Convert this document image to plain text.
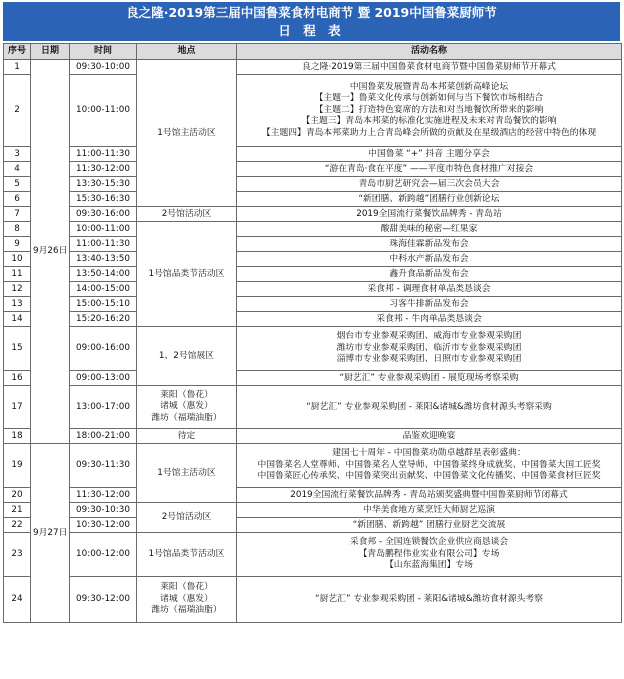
良之隆·2019第三届中国鲁菜食材电商节 暨 2019中国鲁菜厨师节
日 程 表
序号	日期	时间	地点	活动名称
1	9月26日	09:30-10:00	1号馆主活动区	良之隆·2019第三届中国鲁菜食材电商节暨中国鲁菜厨师节开幕式
2		10:00-11:00		中国鲁菜发展暨青岛本邦菜创新高峰论坛
【主题一】鲁菜文化传承与创新如何与当下餐饮市场相结合
【主题二】打造特色宴席的方法和对当地餐饮所带来的影响
【主题三】青岛本邦菜的标准化实施进程及未来对青岛餐饮的影响
【主题四】青岛本邦菜助力上合青岛峰会所做的贡献及在星级酒店的经营中特色的体现

3		11:00-11:30		中国鲁菜 “+” 抖音 主题分享会
4		11:30-12:00		“游在青岛·食在平度” ——平度市特色食材推广对接会
5		13:30-15:30		青岛市厨艺研究会—届三次会员大会
6		15:30-16:30		“新团膳、新跨越”团膳行业创新论坛
7		09:30-16:00	2号馆活动区	2019全国流行菜餐饮品牌秀 - 青岛站
8		10:00-11:00	1号馆品类节活动区	酸甜美味的秘密—红果家
9		11:00-11:30		珠海佳霖新品发布会
10		13:40-13:50		中科水产新品发布会
11		13:50-14:00		鑫升食品新品发布会
12		14:00-15:00		采食邦 - 调理食材单品类恳谈会
13		15:00-15:10		习客牛排新品发布会
14		15:20-16:20		采食邦 - 牛肉单品类恳谈会
15		09:00-16:00	1、2号馆展区	烟台市专业参观采购团、威海市专业参观采购团
潍坊市专业参观采购团、临沂市专业参观采购团
淄博市专业参观采购团、日照市专业参观采购团

16		09:00-13:00		“厨艺汇” 专业参观采购团 - 展览现场考察采购
17		13:00-17:00	莱阳（鲁花）
诸城（惠发）
潍坊（福瑞油脂）	“厨艺汇” 专业参观采购团 - 莱阳&诸城&潍坊食材源头考察采购
18		18:00-21:00	待定	品鉴欢迎晚宴
19	9月27日	09:30-11:30	1号馆主活动区	建国七十周年 - 中国鲁菜功勋卓越群星表彰盛典：
中国鲁菜名人堂尊师、中国鲁菜名人堂导师、中国鲁菜终身成就奖、中国鲁菜大国工匠奖
中国鲁菜匠心传承奖、中国鲁菜突出贡献奖、中国鲁菜文化传播奖、中国鲁菜食材巨匠奖

20		11:30-12:00		2019全国流行菜餐饮品牌秀 - 青岛站颁奖盛典暨中国鲁菜厨师节闭幕式
21		09:30-10:30	2号馆活动区	中华美食地方菜烹饪大师厨艺巡演
22		10:30-12:00		“新团膳、新跨越” 团膳行业厨艺交流展
23		10:00-12:00	1号馆品类节活动区	采食邦 - 全国连锁餐饮企业供应商恳谈会
【青岛鹏程伟业实业有限公司】专场
【山东蓝海集团】专场

24		09:30-12:00	莱阳（鲁花）
诸城（惠发）
潍坊（福瑞油脂）	“厨艺汇” 专业参观采购团 - 莱阳&诸城&潍坊食材源头考察
